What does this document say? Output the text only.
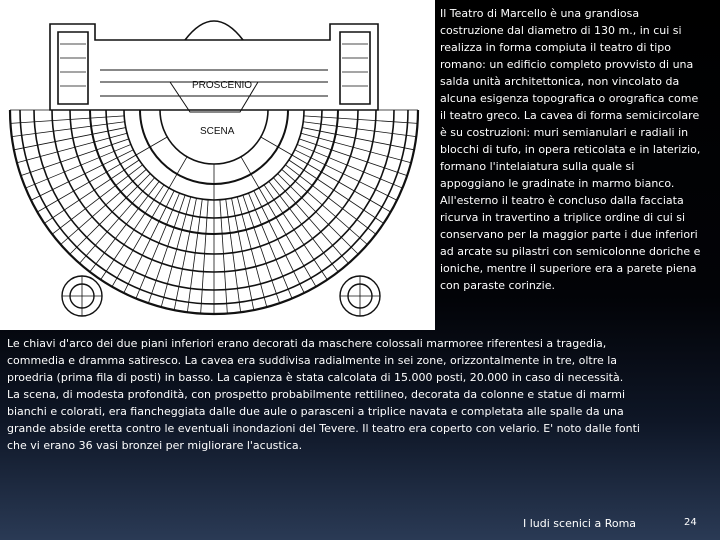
PROSCENIO
SCENA

Il Teatro di Marcello è una grandiosa costruzione dal diametro di 130 m., in cui si realizza in forma compiuta il teatro di tipo romano: un edificio completo provvisto di una salda unità architettonica, non vincolato da alcuna esigenza topografica o orografica come il teatro greco. La cavea di forma semicircolare è su costruzioni: muri semianulari e radiali in blocchi di tufo, in opera reticolata e in laterizio, formano l'intelaiatura sulla quale si appoggiano le gradinate in marmo bianco. All'esterno il teatro è concluso dalla facciata ricurva in travertino a triplice ordine di cui si conservano per la maggior parte i due inferiori ad arcate su pilastri con semicolonne doriche e ioniche, mentre il superiore era a parete piena con paraste corinzie.

Le chiavi d'arco dei due piani inferiori erano decorati da maschere colossali marmoree riferentesi a tragedia, commedia e dramma satiresco. La cavea era suddivisa radialmente in sei zone, orizzontalmente in tre, oltre la proedria (prima fila di posti) in basso. La capienza è stata calcolata di 15.000 posti, 20.000 in caso di necessità.

La scena, di modesta profondità, con prospetto probabilmente rettilineo, decorata da colonne e statue di marmi bianchi e colorati, era fiancheggiata dalle due aule o parasceni a triplice navata e completata alle spalle da una grande abside eretta contro le eventuali inondazioni del Tevere. Il teatro era coperto con velario. E' noto dalle fonti che vi erano 36 vasi bronzei per migliorare l'acustica.

I ludi scenici a Roma	24
